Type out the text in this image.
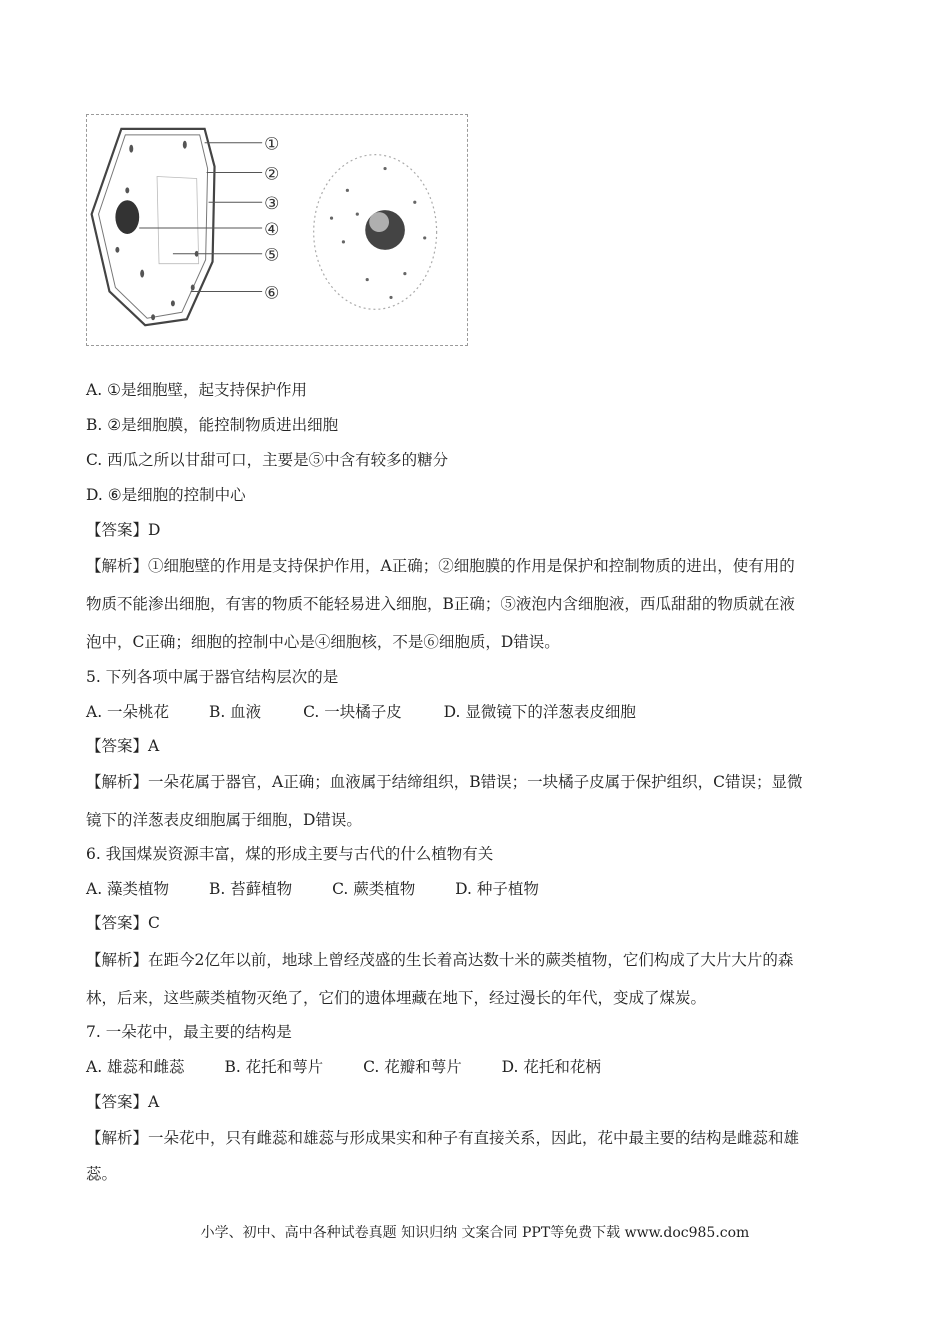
①
②
③
④
⑤
⑥
A. ①是细胞壁，起支持保护作用
B. ②是细胞膜，能控制物质进出细胞
C. 西瓜之所以甘甜可口，主要是⑤中含有较多的糖分
D. ⑥是细胞的控制中心
【答案】D
【解析】①细胞壁的作用是支持保护作用，A正确；②细胞膜的作用是保护和控制物质的进出，使有用的
物质不能渗出细胞，有害的物质不能轻易进入细胞，B正确；⑤液泡内含细胞液，西瓜甜甜的物质就在液
泡中，C正确；细胞的控制中心是④细胞核，不是⑥细胞质，D错误。
5. 下列各项中属于器官结构层次的是
A. 一朵桃花	B. 血液	C. 一块橘子皮	D. 显微镜下的洋葱表皮细胞
【答案】A
【解析】一朵花属于器官，A正确；血液属于结缔组织，B错误；一块橘子皮属于保护组织，C错误；显微
镜下的洋葱表皮细胞属于细胞，D错误。
6. 我国煤炭资源丰富，煤的形成主要与古代的什么植物有关
A. 藻类植物	B. 苔藓植物	C. 蕨类植物	D. 种子植物
【答案】C
【解析】在距今2亿年以前，地球上曾经茂盛的生长着高达数十米的蕨类植物，它们构成了大片大片的森
林，后来，这些蕨类植物灭绝了，它们的遗体埋藏在地下，经过漫长的年代，变成了煤炭。
7. 一朵花中，最主要的结构是
A. 雄蕊和雌蕊	B. 花托和萼片	C. 花瓣和萼片	D. 花托和花柄
【答案】A
【解析】一朵花中，只有雌蕊和雄蕊与形成果实和种子有直接关系，因此，花中最主要的结构是雌蕊和雄
蕊。
小学、初中、高中各种试卷真题 知识归纳 文案合同 PPT等免费下载 www.doc985.com
